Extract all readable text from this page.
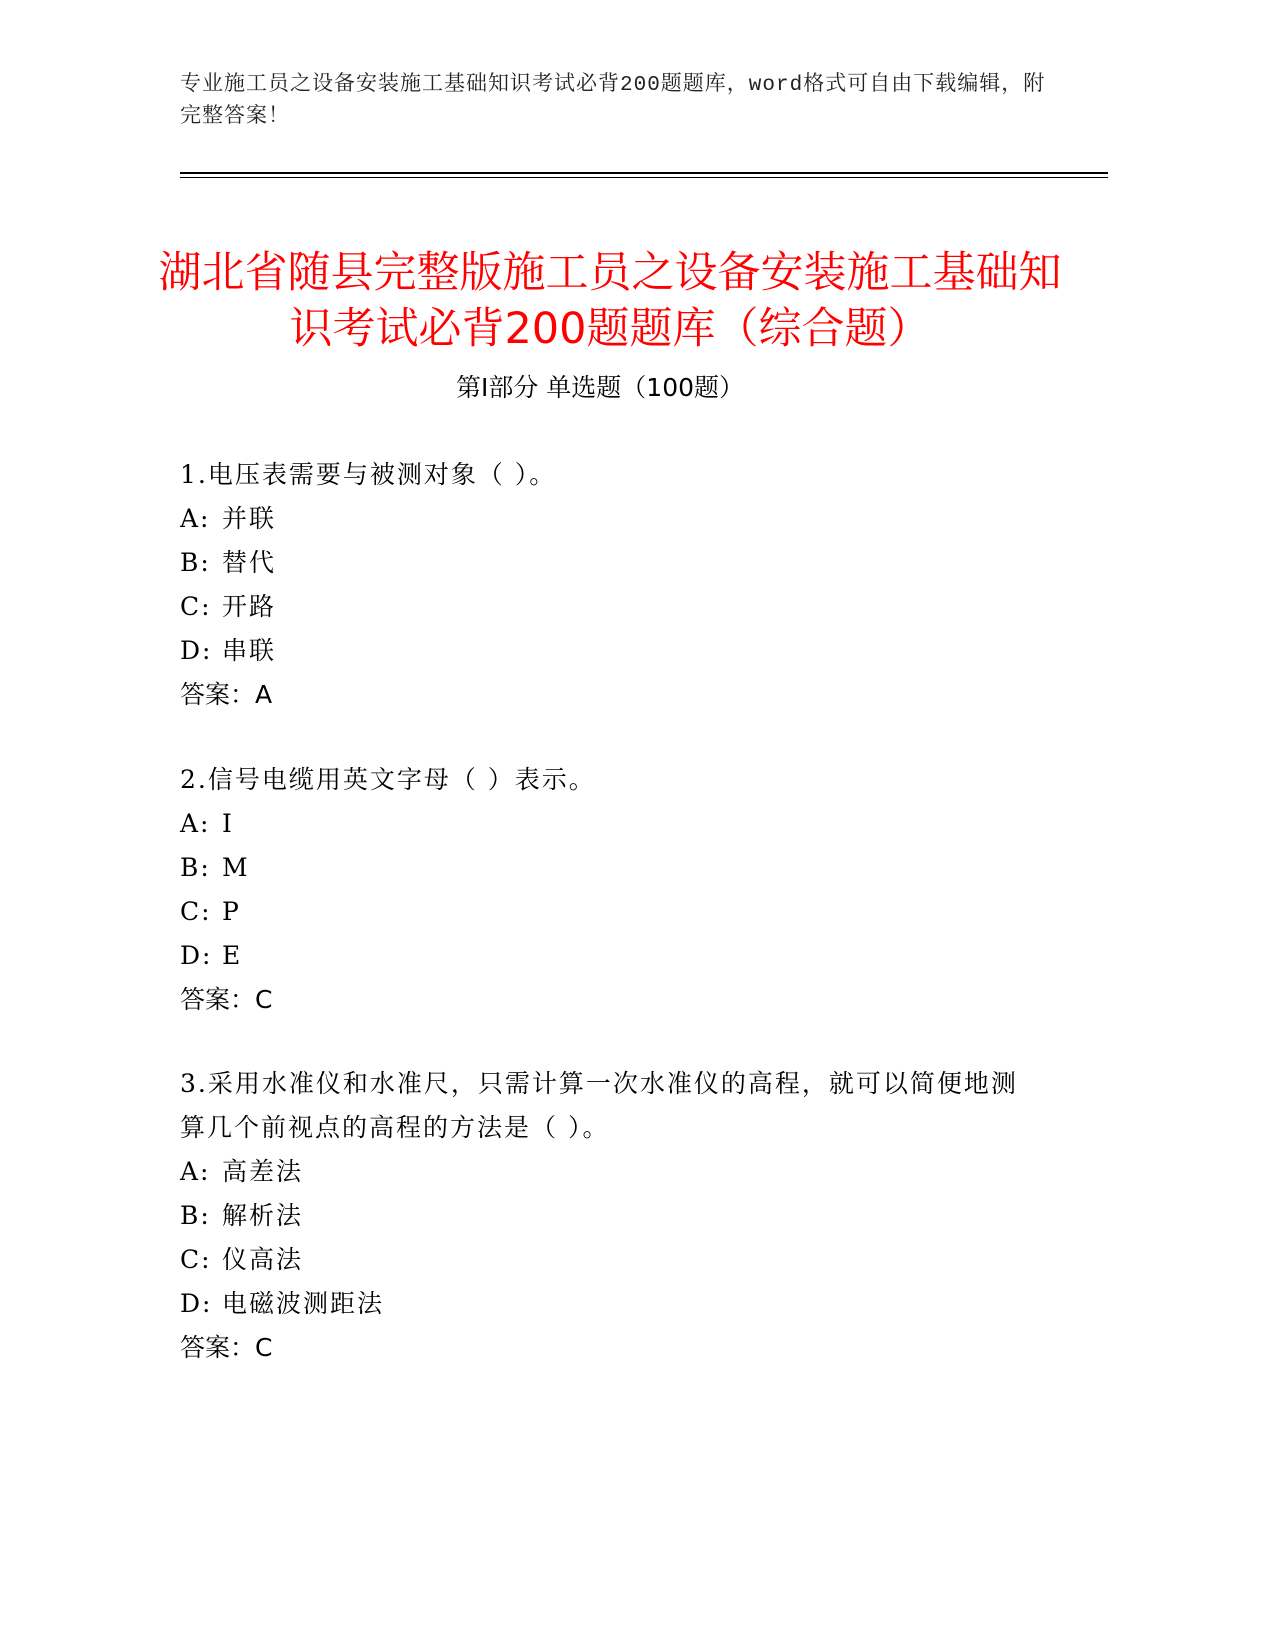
专业施工员之设备安装施工基础知识考试必背200题题库，word格式可自由下载编辑，附完整答案！
湖北省随县完整版施工员之设备安装施工基础知识考试必背200题题库（综合题）
第Ⅰ部分 单选题（100题）
1.电压表需要与被测对象（ ）。
A: 并联
B: 替代
C: 开路
D: 串联
答案：A
2.信号电缆用英文字母（ ）表示。
A: I
B: M
C: P
D: E
答案：C
3.采用水准仪和水准尺，只需计算一次水准仪的高程，就可以简便地测算几个前视点的高程的方法是（ ）。
A: 高差法
B: 解析法
C: 仪高法
D: 电磁波测距法
答案：C
